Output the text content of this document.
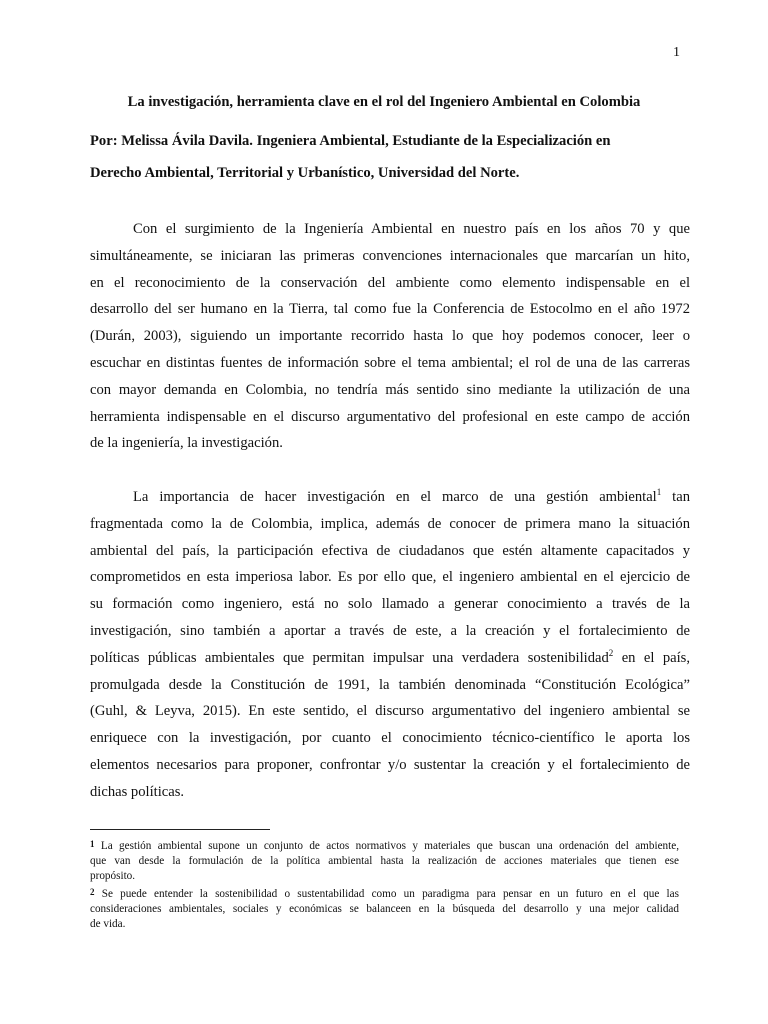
1
La investigación, herramienta clave en el rol del Ingeniero Ambiental en Colombia
Por: Melissa Ávila Davila. Ingeniera Ambiental, Estudiante de la Especialización en
Derecho Ambiental, Territorial y Urbanístico, Universidad del Norte.
Con el surgimiento de la Ingeniería Ambiental en nuestro país en los años 70 y que
simultáneamente, se iniciaran las primeras convenciones internacionales que marcarían un hito,
en el reconocimiento de la conservación del ambiente como elemento indispensable en el
desarrollo del ser humano en la Tierra, tal como fue la Conferencia de Estocolmo en el año 1972
(Durán, 2003), siguiendo un importante recorrido hasta lo que hoy podemos conocer, leer o
escuchar en distintas fuentes de información sobre el tema ambiental; el rol de una de las carreras
con mayor demanda en Colombia, no tendría más sentido sino mediante la utilización de una
herramienta indispensable en el discurso argumentativo del profesional en este campo de acción
de la ingeniería, la investigación.
La importancia de hacer investigación en el marco de una gestión ambiental$^1$ tan
fragmentada como la de Colombia, implica, además de conocer de primera mano la situación
ambiental del país, la participación efectiva de ciudadanos que estén altamente capacitados y
comprometidos en esta imperiosa labor. Es por ello que, el ingeniero ambiental en el ejercicio de
su formación como ingeniero, está no solo llamado a generar conocimiento a través de la
investigación, sino también a aportar a través de este, a la creación y el fortalecimiento de
políticas públicas ambientales que permitan impulsar una verdadera sostenibilidad$^2$ en el país,
promulgada desde la Constitución de 1991, la también denominada “Constitución Ecológica”
(Guhl, & Leyva, 2015). En este sentido, el discurso argumentativo del ingeniero ambiental se
enriquece con la investigación, por cuanto el conocimiento técnico-científico le aporta los
elementos necesarios para proponer, confrontar y/o sustentar la creación y el fortalecimiento de
dichas políticas.
1 La gestión ambiental supone un conjunto de actos normativos y materiales que buscan una ordenación del ambiente,
que van desde la formulación de la política ambiental hasta la realización de acciones materiales que tienen ese
propósito.
2 Se puede entender la sostenibilidad o sustentabilidad como un paradigma para pensar en un futuro en el que las
consideraciones ambientales, sociales y económicas se balanceen en la búsqueda del desarrollo y una mejor calidad
de vida.
